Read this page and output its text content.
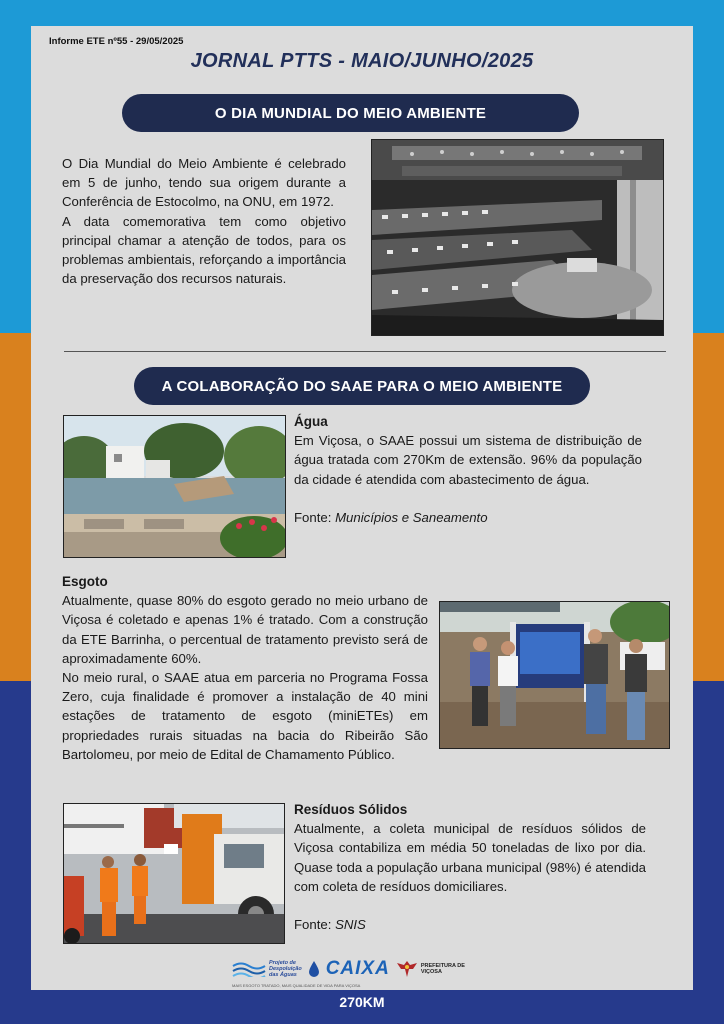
Informe ETE nº55 - 29/05/2025
JORNAL PTTS - MAIO/JUNHO/2025
O DIA MUNDIAL DO MEIO AMBIENTE

O Dia Mundial do Meio Ambiente é celebrado em 5 de junho, tendo sua origem durante a Conferência de Estocolmo, na ONU, em 1972.

A data comemorativa tem como objetivo principal chamar a atenção de todos, para os problemas ambientais, reforçando a importância da preservação dos recursos naturais.

A COLABORAÇÃO DO SAAE PARA O MEIO AMBIENTE
Água

Em Viçosa, o SAAE possui um sistema de distribuição de água tratada com 270Km de extensão. 96% da população da cidade é atendida com abastecimento de água.

Fonte: Municípios e Saneamento

Esgoto

Atualmente, quase 80% do esgoto gerado no meio urbano de Viçosa é coletado e apenas 1% é tratado. Com a construção da ETE Barrinha, o percentual de tratamento previsto será de aproximadamente 60%.

No meio rural, o SAAE atua em parceria no Programa Fossa Zero, cuja finalidade é promover a instalação de 40 mini estações de tratamento de esgoto (miniETEs) em propriedades rurais situadas na bacia do Ribeirão São Bartolomeu, por meio de Edital de Chamamento Público.

Resíduos Sólidos

Atualmente, a coleta municipal de resíduos sólidos de Viçosa contabiliza em média 50 toneladas de lixo por dia. Quase toda a população urbana municipal (98%) é atendida com coleta de resíduos domiciliares.

Fonte: SNIS

Projeto de
Despoluição
das Águas CAIXA	PREFEITURA DE
VIÇOSA
MAIS ESGOTO TRATADO, MAIS QUALIDADE DE VIDA PARA VIÇOSA
270KM
